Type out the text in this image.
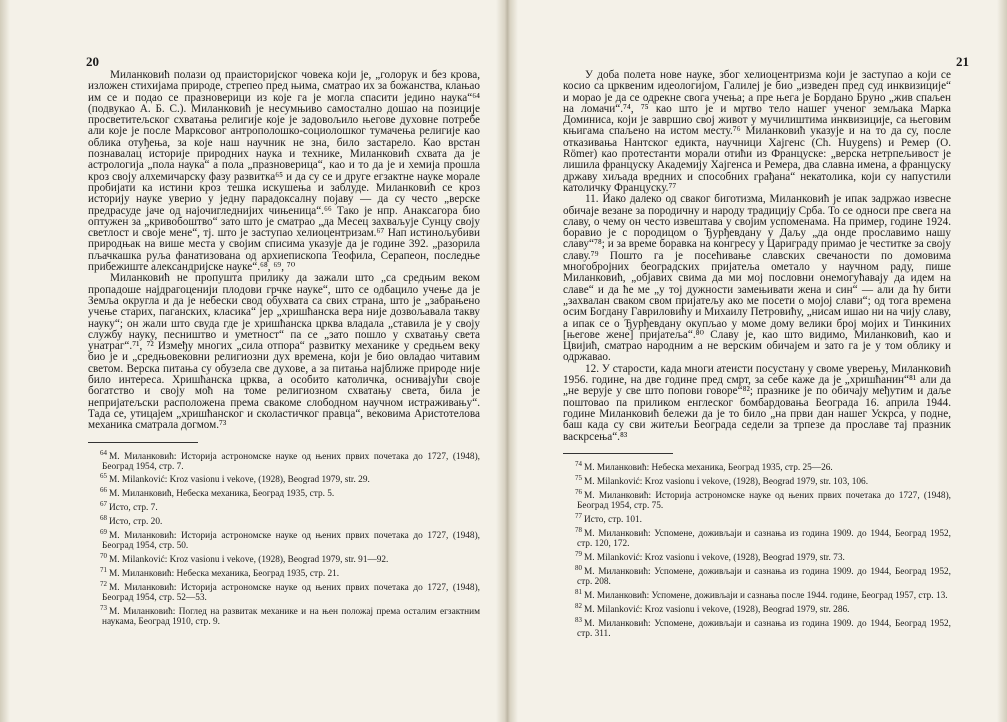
20

Миланковић полази од праисторијског човека који је, „голорук и без крова, изложен стихијама природе, стрепео пред њима, сматрао их за божанства, клањао им се и подао се празноверици из које га је могла спасити једино наука“⁶⁴ (подвукао А. Б. С.). Миланковић је несумњиво самостално дошао на позиције просветитељског схватања религије које је задовољило његове духовне потребе али које је после Марксовог антрополошко-социолошког тумачења религије као облика отуђења, за које наш научник не зна, било застарело. Као врстан познавалац историје природних наука и технике, Миланковић схвата да је астрологија „пола наука“ а пола „празноверица“, као и то да је и хемија прошла кроз своју алхемичарску фазу развитка⁶⁵ и да су се и друге егзактне науке морале пробијати ка истини кроз тешка искушења и заблуде. Миланковић се кроз историју науке уверио у једну парадоксалну појаву — да су често „верске предрасуде јаче од најочигледнијих чињеница“.⁶⁶ Тако је нпр. Анаксагора био оптужен за „кривобоштво“ зато што је сматрао „да Месец захваљује Сунцу своју светлост и своје мене“, тј. што је заступао хелиоцентризам.⁶⁷ Нап истинољубиви природњак на више места у својим списима указује да је године 392. „разорила пљачкашка руља фанатизована од архиепископа Теофила, Серапеон, последње прибежиште александријске науке“.⁶⁸, ⁶⁹, ⁷⁰

Миланковић не пропушта прилику да зажали што „са средњим веком пропадоше најдрагоценији плодови грчке науке“, што се одбацило учење да је Земља округла и да је небески свод обухвата са свих страна, што је „забрањено учење старих, паганских, класика“ јер „хришћанска вера није дозвољавала такву науку“; он жали што свуда где је хришћанска црква владала „ставила је у своју службу науку, песништво и уметност“ па се „зато пошло у схватању света унатраг“.⁷¹, ⁷² Између многих „сила отпора“ развитку механике у средњем веку био је и „средњовековни религиозни дух времена, који је био овладао читавим светом. Верска питања су обузела све духове, а за питања најближе природе није било интереса. Хришћанска црква, а особито католичка, оснивајући своје богатство и своју моћ на томе религиозном схватању света, била је непријатељски расположена према свакоме слободном научном истраживању“. Тада се, утицајем „хришћанског и сколастичког правца“, вековима Аристотелова механика сматрала догмом.⁷³

$^{64}$ М. Миланковић: Историја астрономске науке од њених првих почетака до 1727, (1948), Београд 1954, стр. 7.

$^{65}$ M. Milanković: Kroz vasionu i vekove, (1928), Beograd 1979, str. 29.

$^{66}$ М. Миланковић, Небеска механика, Београд 1935, стр. 5.

$^{67}$ Исто, стр. 7.

$^{68}$ Исто, стр. 20.

$^{69}$ М. Миланковић: Историја астрономске науке од њених првих почетака до 1727, (1948), Београд 1954, стр. 50.

$^{70}$ M. Milanković: Kroz vasionu i vekove, (1928), Beograd 1979, str. 91—92.

$^{71}$ М. Миланковић: Небеска механика, Београд 1935, стр. 21.

$^{72}$ М. Миланковић: Историја астрономске науке од њених првих почетака до 1727, (1948), Београд 1954, стр. 52—53.

$^{73}$ М. Миланковић: Поглед на развитак механике и на њен положај према осталим егзактним наукама, Београд 1910, стр. 9.

21

У доба полета нове науке, због хелиоцентризма који је заступао а који се косио са црквеним идеологијом, Галилеј је био „изведен пред суд инквизиције“ и морао је да се одрекне свога учења; а пре њега је Бордано Бруно „жив спаљен на ломачи“.⁷⁴, ⁷⁵ као што је и мртво тело нашег ученог земљака Марка Доминиса, који је завршио свој живот у мучилиштима инквизиције, са његовим књигама спаљено на истом месту.⁷⁶ Миланковић указује и на то да су, после отказивања Нантског едикта, научници Хајгенс (Ch. Huygens) и Ремер (O. Römer) као протестанти морали отићи из Француске: „верска нетрпељивост је лишила француску Академију Хајгенса и Ремера, два славна имена, а француску државу хиљада вредних и способних грађана“ некатолика, који су напустили католичку Француску.⁷⁷

11. Иако далеко од сваког биготизма, Миланковић је ипак задржао извесне обичаје везане за породичну и народу традицију Срба. То се односи пре свега на славу, о чему он често извештава у својим успоменама. На пример, године 1924. боравио је с породицом о Ђурђевдану у Даљу „да онде прославимо нашу славу“⁷⁸; и за време боравка на конгресу у Цариграду примао је честитке за своју славу.⁷⁹ Пошто га је посећивање славских свечаности по домовима многобројних београдских пријатеља ометало у научном раду, пише Миланковић, „објавих свима да ми мој пословни онемогућавају да идем на славе“ и да ће ме „у тој дужности замењивати жена и син“ — али да ћу бити „захвалан сваком свом пријатељу ако ме посети о мојој слави“; од тога времена осим Богдану Гавриловићу и Михаилу Петровићу, „нисам ишао ни на чију славу, а ипак се о Ђурђевдану окупљао у моме дому велики број мојих и Тинкиних [његове жене] пријатеља“.⁸⁰ Славу је, као што видимо, Миланковић, као и Цвијић, сматрао народним а не верским обичајем и зато га је у том облику и одржавао.

12. У старости, када многи атеисти посустану у своме уверењу, Миланковић 1956. године, на две године пред смрт, за себе каже да је „хришћанин“⁸¹ али да „не верује у све што попови говоре“⁸²; празнике је по обичају међутим и даље поштовао па приликом енглеског бомбардовања Београда 16. априла 1944. године Миланковић бележи да је то било „на први дан нашег Ускрса, у подне, баш када су сви житељи Београда седели за трпезе да прославе тај празник васкрсења“.⁸³

$^{74}$ М. Миланковић: Небеска механика, Београд 1935, стр. 25—26.

$^{75}$ M. Milanković: Kroz vasionu i vekove, (1928), Beograd 1979, str. 103, 106.

$^{76}$ М. Миланковић: Историја астрономске науке од њених првих почетака до 1727, (1948), Београд 1954, стр. 75.

$^{77}$ Исто, стр. 101.

$^{78}$ М. Миланковић: Успомене, доживљаји и сазнања из година 1909. до 1944, Београд 1952, стр. 120, 172.

$^{79}$ M. Milanković: Kroz vasionu i vekove, (1928), Beograd 1979, str. 73.

$^{80}$ М. Миланковић: Успомене, доживљаји и сазнања из година 1909. до 1944, Београд 1952, стр. 208.

$^{81}$ М. Миланковић: Успомене, доживљаји и сазнања после 1944. године, Београд 1957, стр. 13.

$^{82}$ M. Milanković: Kroz vasionu i vekove, (1928), Beograd 1979, str. 286.

$^{83}$ М. Миланковић: Успомене, доживљаји и сазнања из година 1909. до 1944, Београд 1952, стр. 311.
